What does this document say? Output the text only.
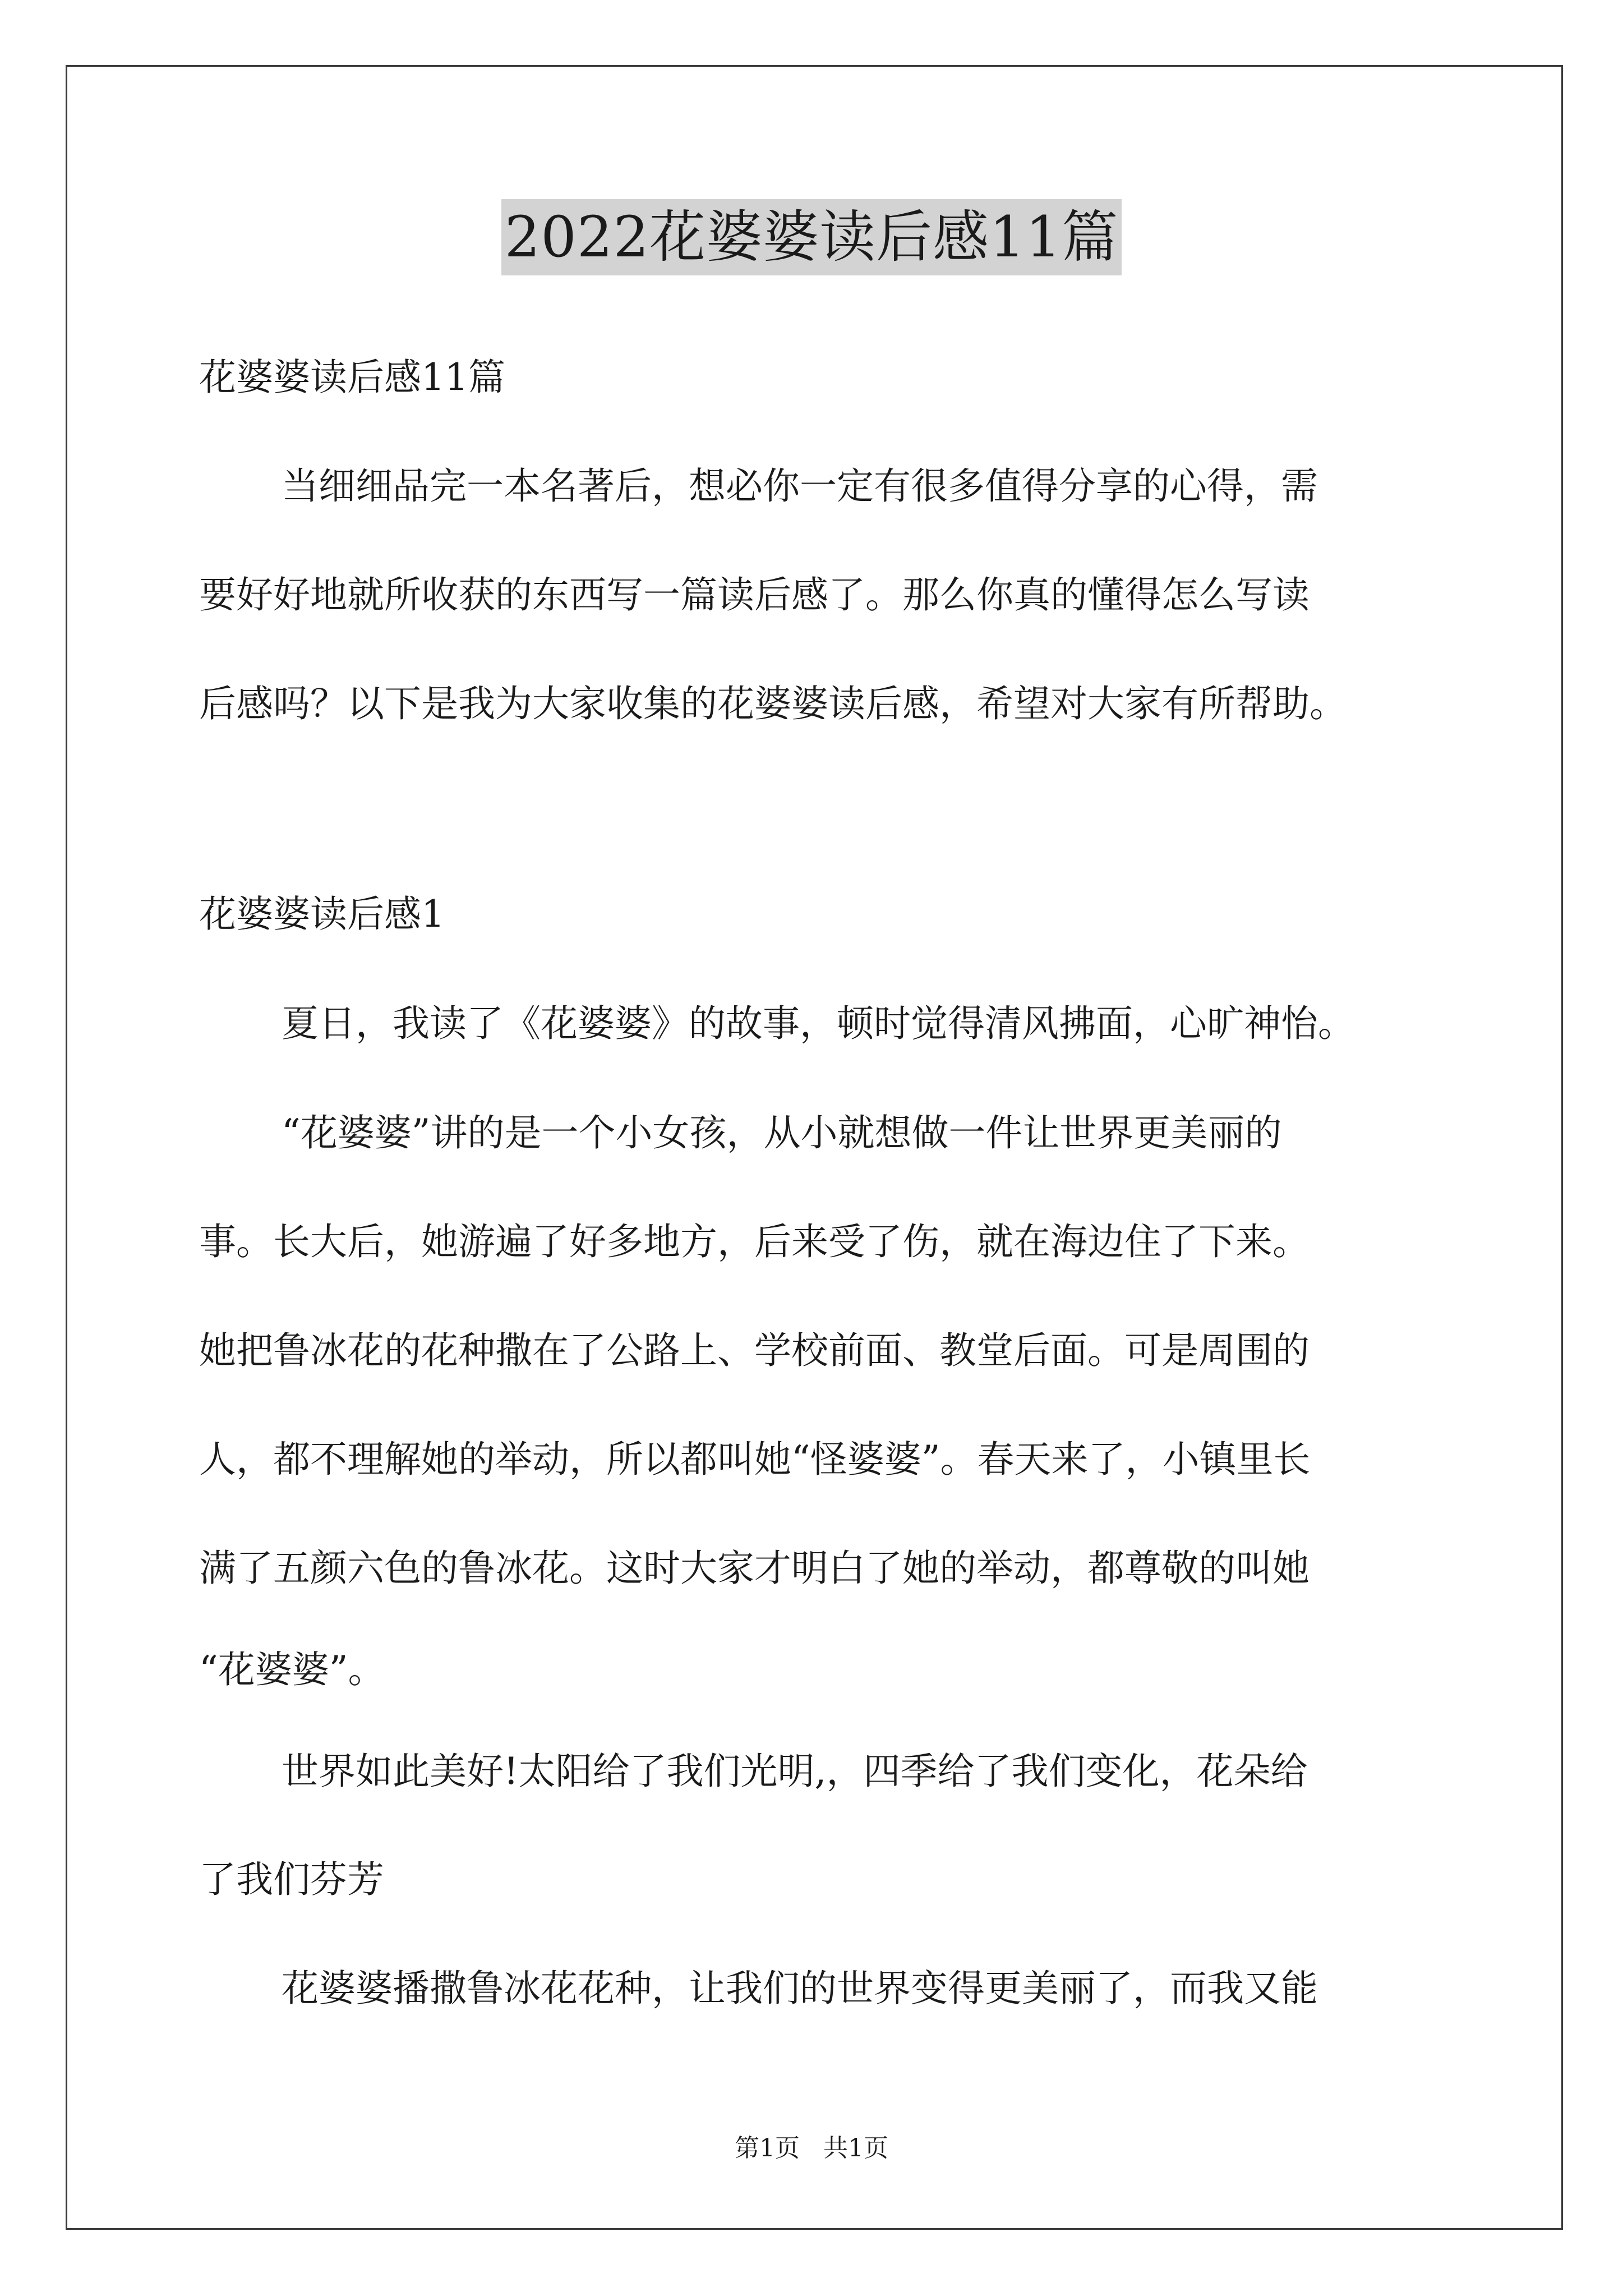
2022花婆婆读后感11篇
花婆婆读后感11篇
当细细品完一本名著后，想必你一定有很多值得分享的心得，需
要好好地就所收获的东西写一篇读后感了。那么你真的懂得怎么写读
后感吗？以下是我为大家收集的花婆婆读后感，希望对大家有所帮助。
花婆婆读后感1
夏日，我读了《花婆婆》的故事，顿时觉得清风拂面，心旷神怡。
“花婆婆”讲的是一个小女孩，从小就想做一件让世界更美丽的
事。长大后，她游遍了好多地方，后来受了伤，就在海边住了下来。
她把鲁冰花的花种撒在了公路上、学校前面、教堂后面。可是周围的
人，都不理解她的举动，所以都叫她“怪婆婆”。春天来了，小镇里长
满了五颜六色的鲁冰花。这时大家才明白了她的举动，都尊敬的叫她
“花婆婆”。
世界如此美好!太阳给了我们光明,，四季给了我们变化，花朵给
了我们芬芳
花婆婆播撒鲁冰花花种，让我们的世界变得更美丽了，而我又能
第1页   共1页
